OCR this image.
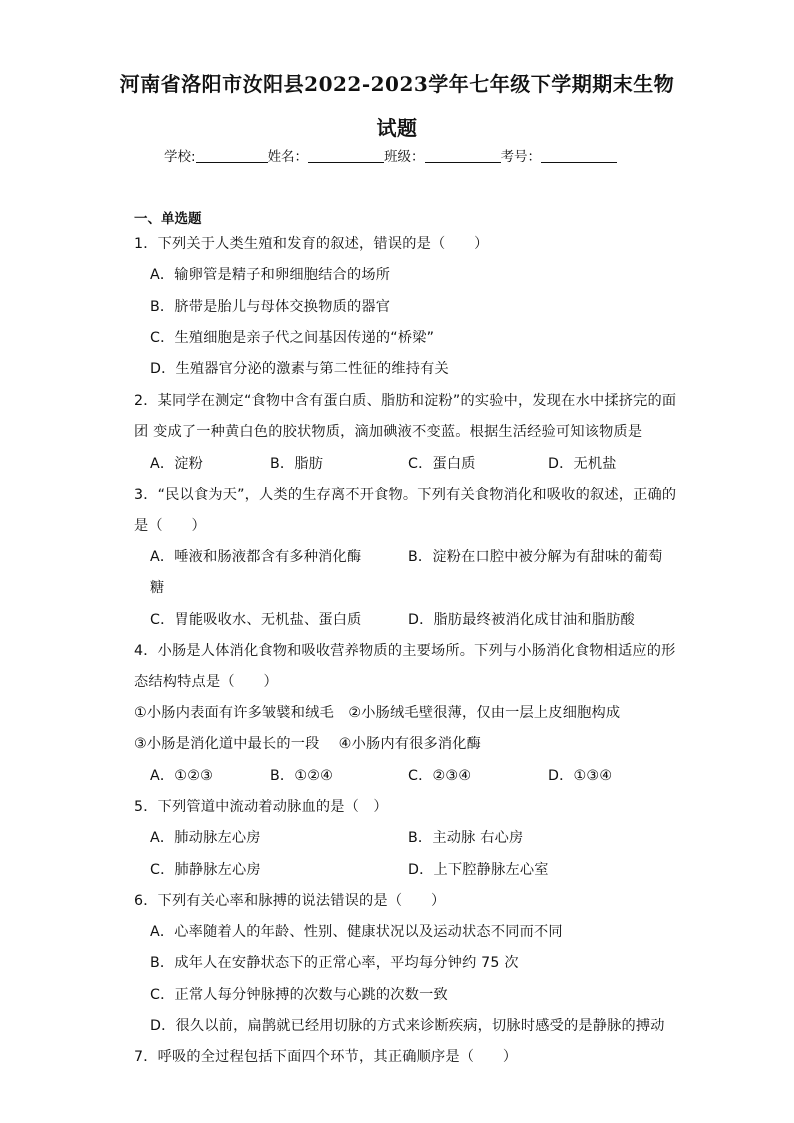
河南省洛阳市汝阳县2022-2023学年七年级下学期期末生物
试题
学校:	姓名：	班级：	考号：
一、单选题
1．下列关于人类生殖和发育的叙述，错误的是（　　）
A．输卵管是精子和卵细胞结合的场所
B．脐带是胎儿与母体交换物质的器官
C．生殖细胞是亲子代之间基因传递的“桥梁”
D．生殖器官分泌的激素与第二性征的维持有关
2．某同学在测定“食物中含有蛋白质、脂肪和淀粉”的实验中，发现在水中揉挤完的面
团 变成了一种黄白色的胶状物质，滴加碘液不变蓝。根据生活经验可知该物质是
A．淀粉	B．脂肪	C．蛋白质	D．无机盐
3．“民以食为天”，人类的生存离不开食物。下列有关食物消化和吸收的叙述，正确的
是（　　）
A．唾液和肠液都含有多种消化酶	B．淀粉在口腔中被分解为有甜味的葡萄
糖
C．胃能吸收水、无机盐、蛋白质	D．脂肪最终被消化成甘油和脂肪酸
4．小肠是人体消化食物和吸收营养物质的主要场所。下列与小肠消化食物相适应的形
态结构特点是（　　）
①小肠内表面有许多皱襞和绒毛　②小肠绒毛壁很薄，仅由一层上皮细胞构成
③小肠是消化道中最长的一段　 ④小肠内有很多消化酶
A．①②③	B．①②④	C．②③④	D．①③④
5．下列管道中流动着动脉血的是（　）
A．肺动脉左心房	B．主动脉 右心房
C．肺静脉左心房	D．上下腔静脉左心室
6．下列有关心率和脉搏的说法错误的是（　　）
A．心率随着人的年龄、性别、健康状况以及运动状态不同而不同
B．成年人在安静状态下的正常心率，平均每分钟约 75 次
C．正常人每分钟脉搏的次数与心跳的次数一致
D．很久以前，扁鹊就已经用切脉的方式来诊断疾病，切脉时感受的是静脉的搏动
7．呼吸的全过程包括下面四个环节，其正确顺序是（　　）
